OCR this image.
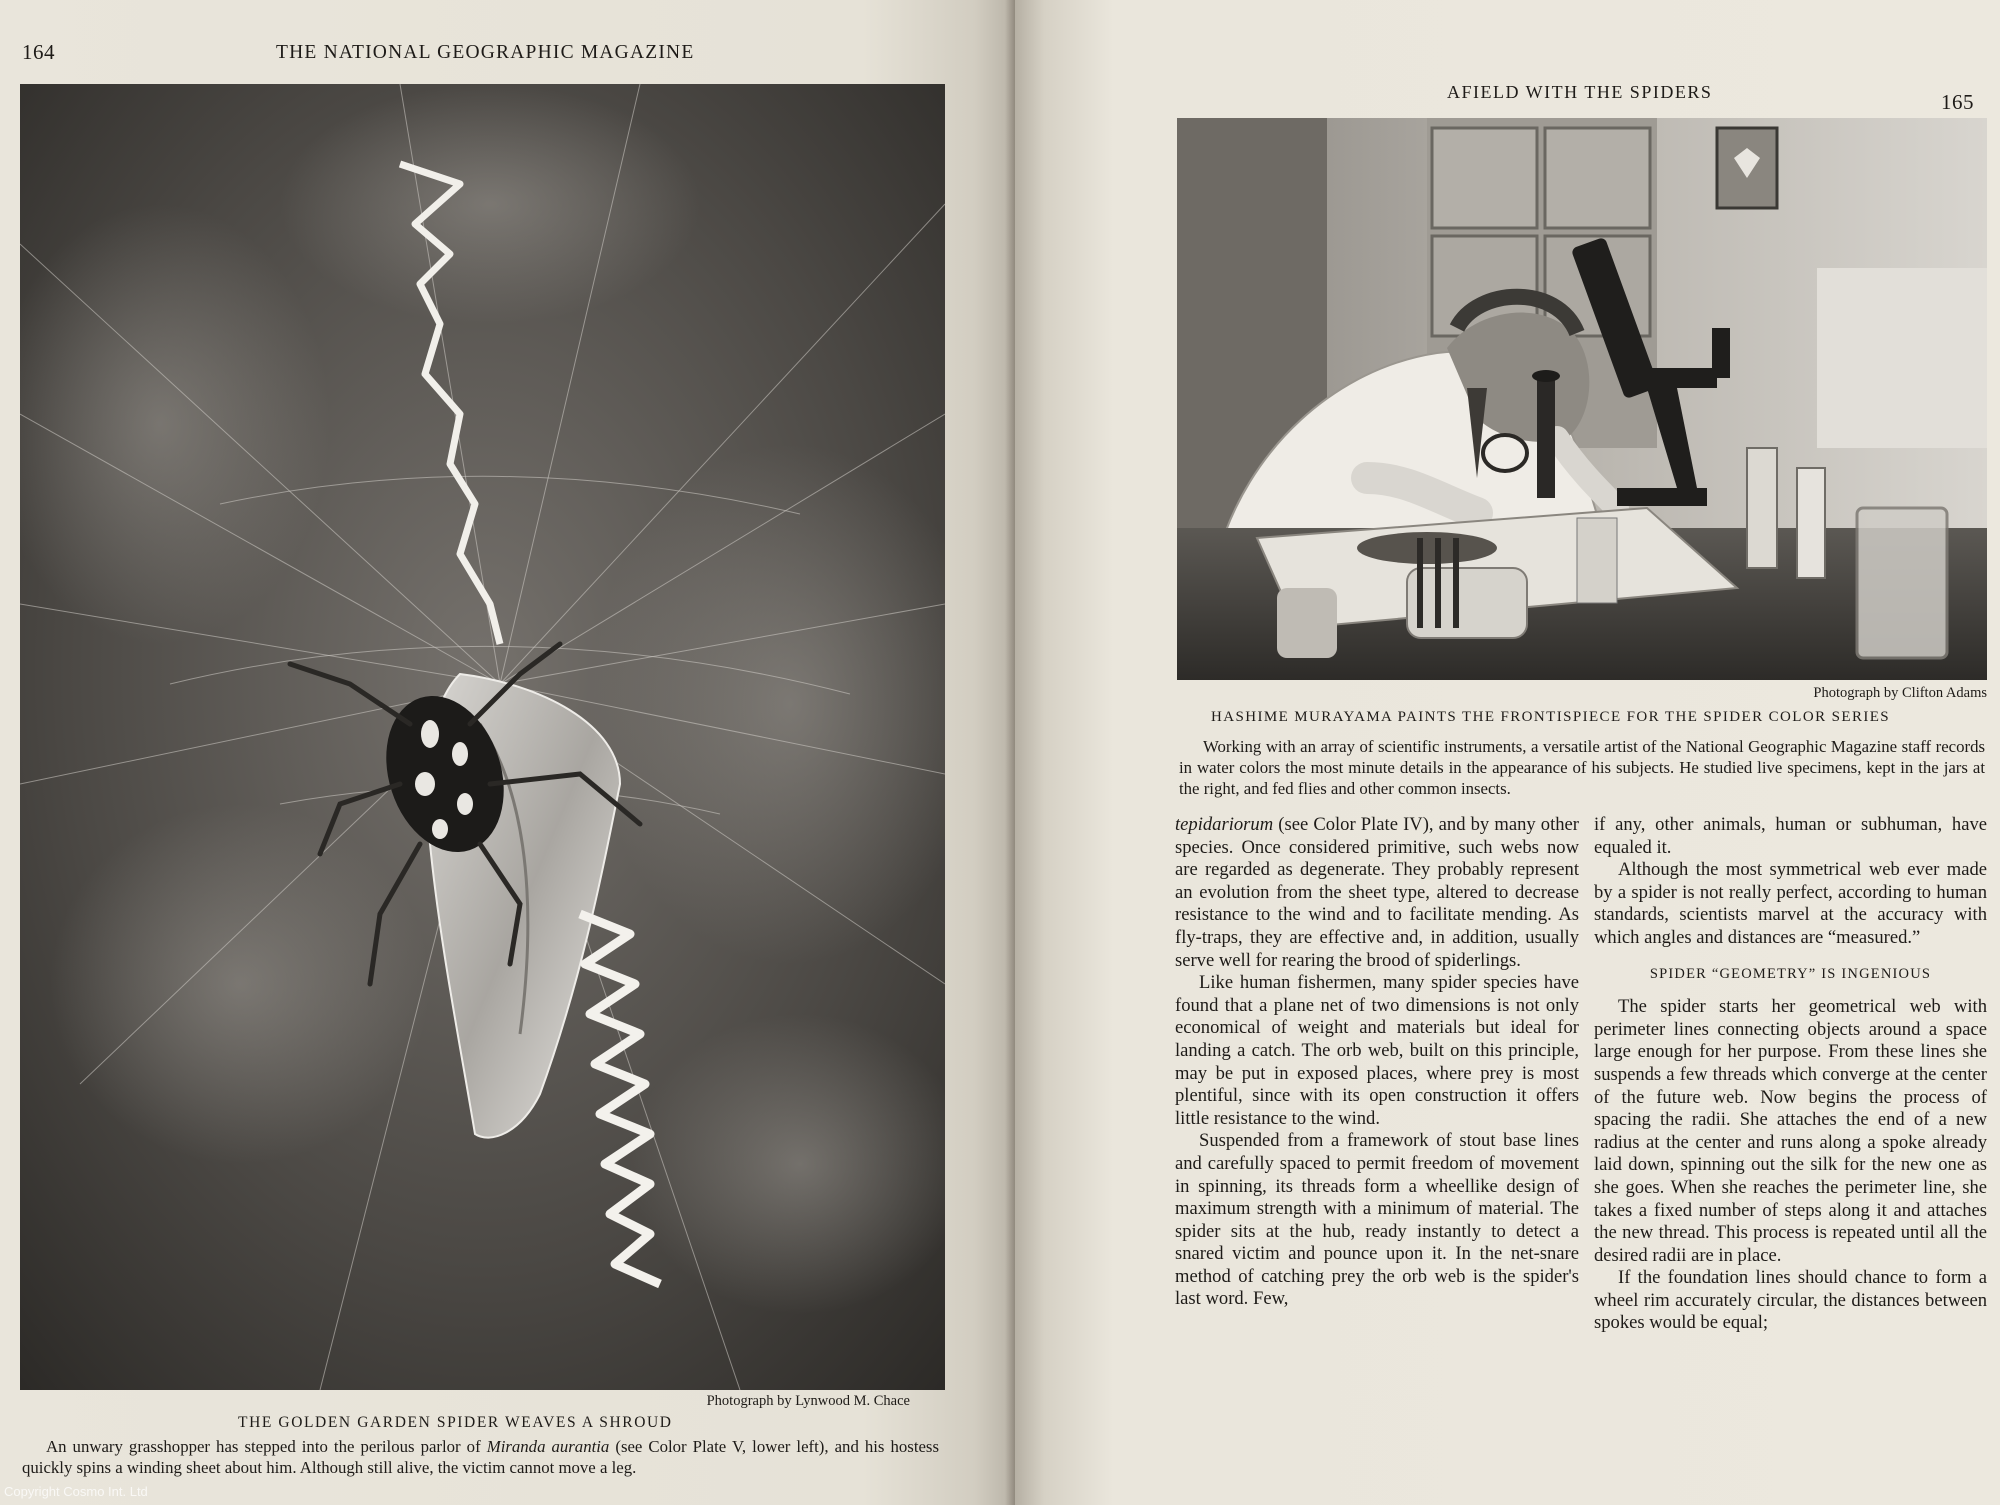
164	THE NATIONAL GEOGRAPHIC MAGAZINE
Photograph by Lynwood M. Chace
THE GOLDEN GARDEN SPIDER WEAVES A SHROUD

An unwary grasshopper has stepped into the perilous parlor of Miranda aurantia (see Color Plate V, lower left), and his hostess quickly spins a winding sheet about him. Although still alive, the victim cannot move a leg.

AFIELD WITH THE SPIDERS	165
Photograph by Clifton Adams
HASHIME MURAYAMA PAINTS THE FRONTISPIECE FOR THE SPIDER COLOR SERIES

Working with an array of scientific instruments, a versatile artist of the National Geographic Magazine staff records in water colors the most minute details in the appearance of his subjects. He studied live specimens, kept in the jars at the right, and fed flies and other common insects.

tepidariorum (see Color Plate IV), and by many other species. Once considered primitive, such webs now are regarded as degenerate. They probably represent an evolution from the sheet type, altered to decrease resistance to the wind and to facilitate mending. As fly-traps, they are effective and, in addition, usually serve well for rearing the brood of spiderlings.

Like human fishermen, many spider species have found that a plane net of two dimensions is not only economical of weight and materials but ideal for landing a catch. The orb web, built on this principle, may be put in exposed places, where prey is most plentiful, since with its open construction it offers little resistance to the wind.

Suspended from a framework of stout base lines and carefully spaced to permit freedom of movement in spinning, its threads form a wheellike design of maximum strength with a minimum of material. The spider sits at the hub, ready instantly to detect a snared victim and pounce upon it. In the net-snare method of catching prey the orb web is the spider's last word. Few,

if any, other animals, human or subhuman, have equaled it.

Although the most symmetrical web ever made by a spider is not really perfect, according to human standards, scientists marvel at the accuracy with which angles and distances are “measured.”

SPIDER “GEOMETRY” IS INGENIOUS

The spider starts her geometrical web with perimeter lines connecting objects around a space large enough for her purpose. From these lines she suspends a few threads which converge at the center of the future web. Now begins the process of spacing the radii. She attaches the end of a new radius at the center and runs along a spoke already laid down, spinning out the silk for the new one as she goes. When she reaches the perimeter line, she takes a fixed number of steps along it and attaches the new thread. This process is repeated until all the desired radii are in place.

If the foundation lines should chance to form a wheel rim accurately circular, the distances between spokes would be equal;

Copyright Cosmo Int. Ltd
